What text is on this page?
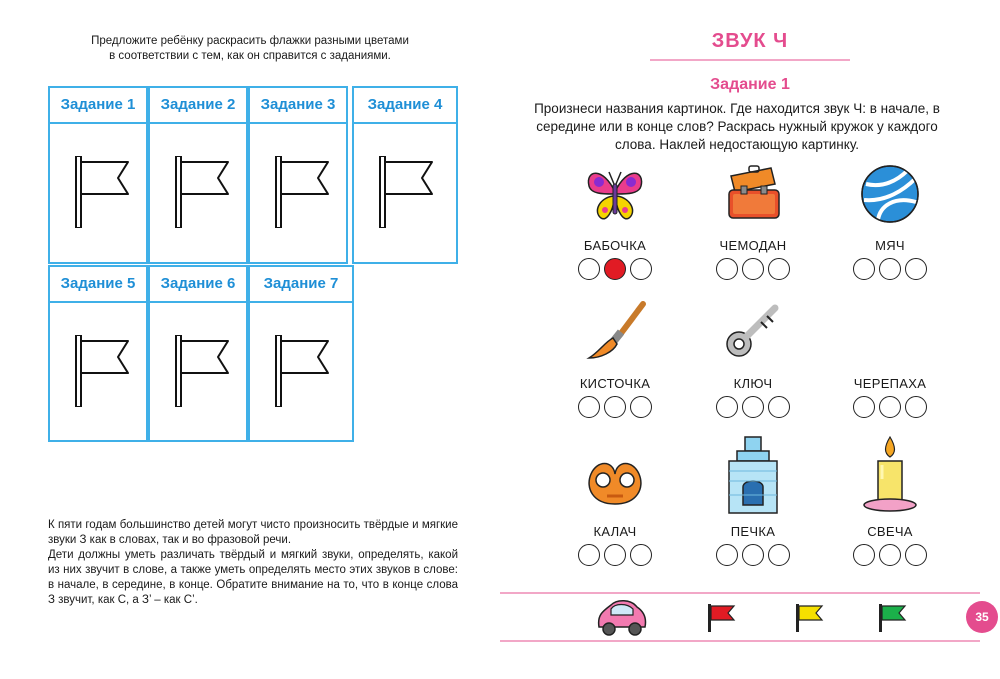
Предложите ребёнку раскрасить флажки разными цветами
в соответствии с тем, как он справится с заданиями.
Задание 1	Задание 2	Задание 3	Задание 4
Задание 5	Задание 6	Задание 7

К пяти годам большинство детей могут чисто произносить твёрдые и мягкие звуки З как в словах, так и во фразовой речи.

Дети должны уметь различать твёрдый и мягкий звуки, определять, какой из них звучит в слове, а также уметь определять место этих звуков в слове: в начале, в середине, в конце. Обратите внимание на то, что в конце слова З звучит, как С, а З’ – как С’.

ЗВУК Ч
Задание 1
Произнеси названия картинок. Где находится звук Ч: в начале, в середине или в конце слов? Раскрась нужный кружок у каждого слова. Наклей недостающую картинку.
БАБОЧКА	ЧЕМОДАН	МЯЧ
КИСТОЧКА	КЛЮЧ	ЧЕРЕПАХА
КАЛАЧ	ПЕЧКА	СВЕЧА
35
